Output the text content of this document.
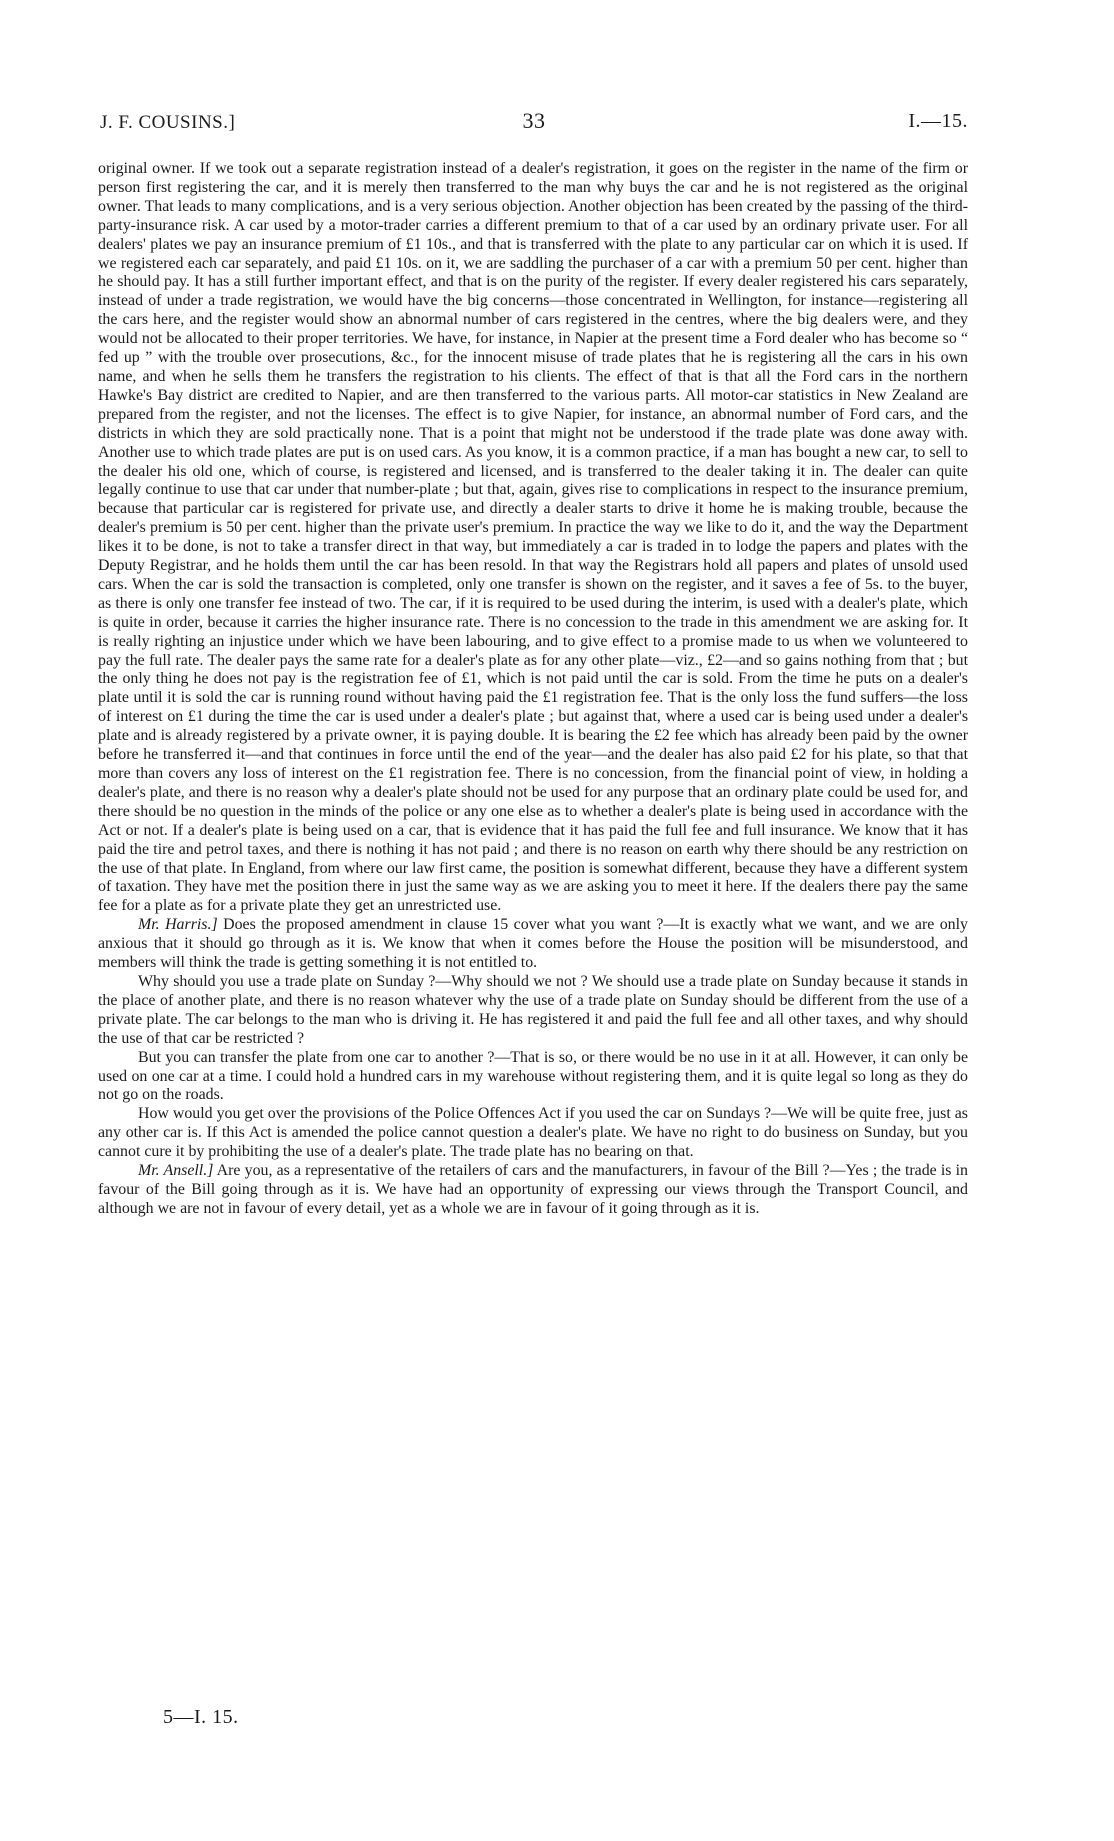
J. F. COUSINS.]	33	I.—15.

original owner. If we took out a separate registration instead of a dealer's registration, it goes on the register in the name of the firm or person first registering the car, and it is merely then transferred to the man why buys the car and he is not registered as the original owner. That leads to many complications, and is a very serious objection. Another objection has been created by the passing of the third-party-insurance risk. A car used by a motor-trader carries a different premium to that of a car used by an ordinary private user. For all dealers' plates we pay an insurance premium of £1 10s., and that is transferred with the plate to any particular car on which it is used. If we registered each car separately, and paid £1 10s. on it, we are saddling the purchaser of a car with a premium 50 per cent. higher than he should pay. It has a still further important effect, and that is on the purity of the register. If every dealer registered his cars separately, instead of under a trade registration, we would have the big concerns—those concentrated in Wellington, for instance—registering all the cars here, and the register would show an abnormal number of cars registered in the centres, where the big dealers were, and they would not be allocated to their proper territories. We have, for instance, in Napier at the present time a Ford dealer who has become so “ fed up ” with the trouble over prosecutions, &c., for the innocent misuse of trade plates that he is registering all the cars in his own name, and when he sells them he transfers the registration to his clients. The effect of that is that all the Ford cars in the northern Hawke's Bay district are credited to Napier, and are then transferred to the various parts. All motor-car statistics in New Zealand are prepared from the register, and not the licenses. The effect is to give Napier, for instance, an abnormal number of Ford cars, and the districts in which they are sold practically none. That is a point that might not be understood if the trade plate was done away with. Another use to which trade plates are put is on used cars. As you know, it is a common practice, if a man has bought a new car, to sell to the dealer his old one, which of course, is registered and licensed, and is transferred to the dealer taking it in. The dealer can quite legally continue to use that car under that number-plate ; but that, again, gives rise to complications in respect to the insurance premium, because that particular car is registered for private use, and directly a dealer starts to drive it home he is making trouble, because the dealer's premium is 50 per cent. higher than the private user's premium. In practice the way we like to do it, and the way the Department likes it to be done, is not to take a transfer direct in that way, but immediately a car is traded in to lodge the papers and plates with the Deputy Registrar, and he holds them until the car has been resold. In that way the Registrars hold all papers and plates of unsold used cars. When the car is sold the transaction is completed, only one transfer is shown on the register, and it saves a fee of 5s. to the buyer, as there is only one transfer fee instead of two. The car, if it is required to be used during the interim, is used with a dealer's plate, which is quite in order, because it carries the higher insurance rate. There is no concession to the trade in this amendment we are asking for. It is really righting an injustice under which we have been labouring, and to give effect to a promise made to us when we volunteered to pay the full rate. The dealer pays the same rate for a dealer's plate as for any other plate—viz., £2—and so gains nothing from that ; but the only thing he does not pay is the registration fee of £1, which is not paid until the car is sold. From the time he puts on a dealer's plate until it is sold the car is running round without having paid the £1 registration fee. That is the only loss the fund suffers—the loss of interest on £1 during the time the car is used under a dealer's plate ; but against that, where a used car is being used under a dealer's plate and is already registered by a private owner, it is paying double. It is bearing the £2 fee which has already been paid by the owner before he transferred it—and that continues in force until the end of the year—and the dealer has also paid £2 for his plate, so that that more than covers any loss of interest on the £1 registration fee. There is no concession, from the financial point of view, in holding a dealer's plate, and there is no reason why a dealer's plate should not be used for any purpose that an ordinary plate could be used for, and there should be no question in the minds of the police or any one else as to whether a dealer's plate is being used in accordance with the Act or not. If a dealer's plate is being used on a car, that is evidence that it has paid the full fee and full insurance. We know that it has paid the tire and petrol taxes, and there is nothing it has not paid ; and there is no reason on earth why there should be any restriction on the use of that plate. In England, from where our law first came, the position is somewhat different, because they have a different system of taxation. They have met the position there in just the same way as we are asking you to meet it here. If the dealers there pay the same fee for a plate as for a private plate they get an unrestricted use.

Mr. Harris.] Does the proposed amendment in clause 15 cover what you want ?—It is exactly what we want, and we are only anxious that it should go through as it is. We know that when it comes before the House the position will be misunderstood, and members will think the trade is getting something it is not entitled to.

Why should you use a trade plate on Sunday ?—Why should we not ? We should use a trade plate on Sunday because it stands in the place of another plate, and there is no reason whatever why the use of a trade plate on Sunday should be different from the use of a private plate. The car belongs to the man who is driving it. He has registered it and paid the full fee and all other taxes, and why should the use of that car be restricted ?

But you can transfer the plate from one car to another ?—That is so, or there would be no use in it at all. However, it can only be used on one car at a time. I could hold a hundred cars in my warehouse without registering them, and it is quite legal so long as they do not go on the roads.

How would you get over the provisions of the Police Offences Act if you used the car on Sundays ?—We will be quite free, just as any other car is. If this Act is amended the police cannot question a dealer's plate. We have no right to do business on Sunday, but you cannot cure it by prohibiting the use of a dealer's plate. The trade plate has no bearing on that.

Mr. Ansell.] Are you, as a representative of the retailers of cars and the manufacturers, in favour of the Bill ?—Yes ; the trade is in favour of the Bill going through as it is. We have had an opportunity of expressing our views through the Transport Council, and although we are not in favour of every detail, yet as a whole we are in favour of it going through as it is.

5—I. 15.
